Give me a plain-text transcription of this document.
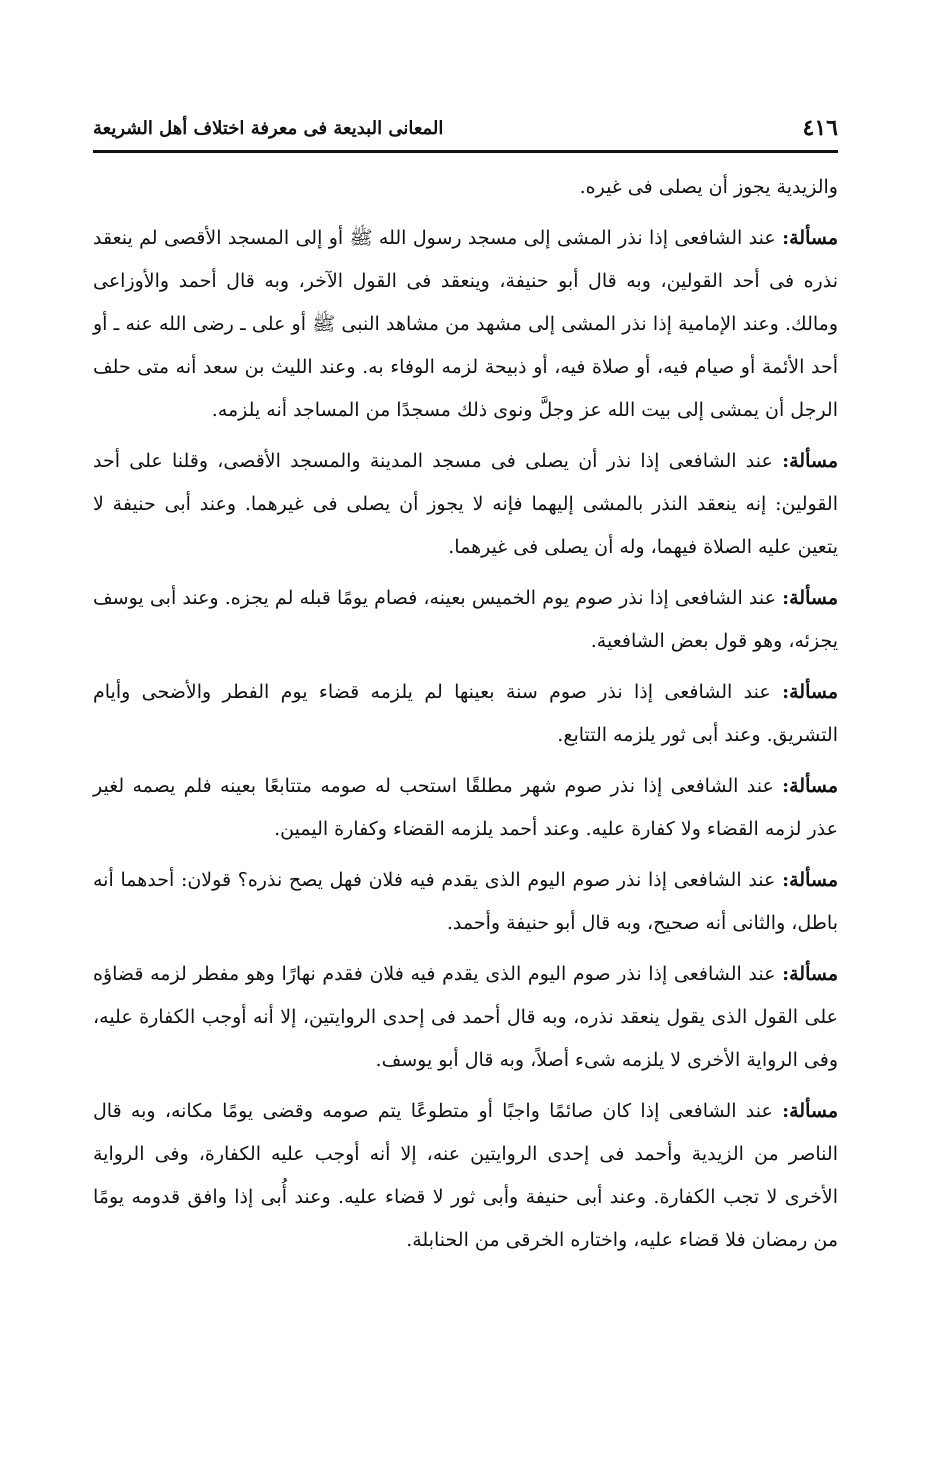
٤١٦
المعانى البديعة فى معرفة اختلاف أهل الشريعة

والزيدية يجوز أن يصلى فى غيره.

مسألة: عند الشافعى إذا نذر المشى إلى مسجد رسول الله ﷺ أو إلى المسجد الأقصى لم ينعقد نذره فى أحد القولين، وبه قال أبو حنيفة، وينعقد فى القول الآخر، وبه قال أحمد والأوزاعى ومالك. وعند الإمامية إذا نذر المشى إلى مشهد من مشاهد النبى ﷺ أو على ـ رضى الله عنه ـ أو أحد الأئمة أو صيام فيه، أو صلاة فيه، أو ذبيحة لزمه الوفاء به. وعند الليث بن سعد أنه متى حلف الرجل أن يمشى إلى بيت الله عز وجلَّ ونوى ذلك مسجدًا من المساجد أنه يلزمه.

مسألة: عند الشافعى إذا نذر أن يصلى فى مسجد المدينة والمسجد الأقصى، وقلنا على أحد القولين: إنه ينعقد النذر بالمشى إليهما فإنه لا يجوز أن يصلى فى غيرهما. وعند أبى حنيفة لا يتعين عليه الصلاة فيهما، وله أن يصلى فى غيرهما.

مسألة: عند الشافعى إذا نذر صوم يوم الخميس بعينه، فصام يومًا قبله لم يجزه. وعند أبى يوسف يجزئه، وهو قول بعض الشافعية.

مسألة: عند الشافعى إذا نذر صوم سنة بعينها لم يلزمه قضاء يوم الفطر والأضحى وأيام التشريق. وعند أبى ثور يلزمه التتابع.

مسألة: عند الشافعى إذا نذر صوم شهر مطلقًا استحب له صومه متتابعًا بعينه فلم يصمه لغير عذر لزمه القضاء ولا كفارة عليه. وعند أحمد يلزمه القضاء وكفارة اليمين.

مسألة: عند الشافعى إذا نذر صوم اليوم الذى يقدم فيه فلان فهل يصح نذره؟ قولان: أحدهما أنه باطل، والثانى أنه صحيح، وبه قال أبو حنيفة وأحمد.

مسألة: عند الشافعى إذا نذر صوم اليوم الذى يقدم فيه فلان فقدم نهارًا وهو مفطر لزمه قضاؤه على القول الذى يقول ينعقد نذره، وبه قال أحمد فى إحدى الروايتين، إلا أنه أوجب الكفارة عليه، وفى الرواية الأخرى لا يلزمه شىء أصلاً، وبه قال أبو يوسف.

مسألة: عند الشافعى إذا كان صائمًا واجبًا أو متطوعًا يتم صومه وقضى يومًا مكانه، وبه قال الناصر من الزيدية وأحمد فى إحدى الروايتين عنه، إلا أنه أوجب عليه الكفارة، وفى الرواية الأخرى لا تجب الكفارة. وعند أبى حنيفة وأبى ثور لا قضاء عليه. وعند أُبى إذا وافق قدومه يومًا من رمضان فلا قضاء عليه، واختاره الخرقى من الحنابلة.
